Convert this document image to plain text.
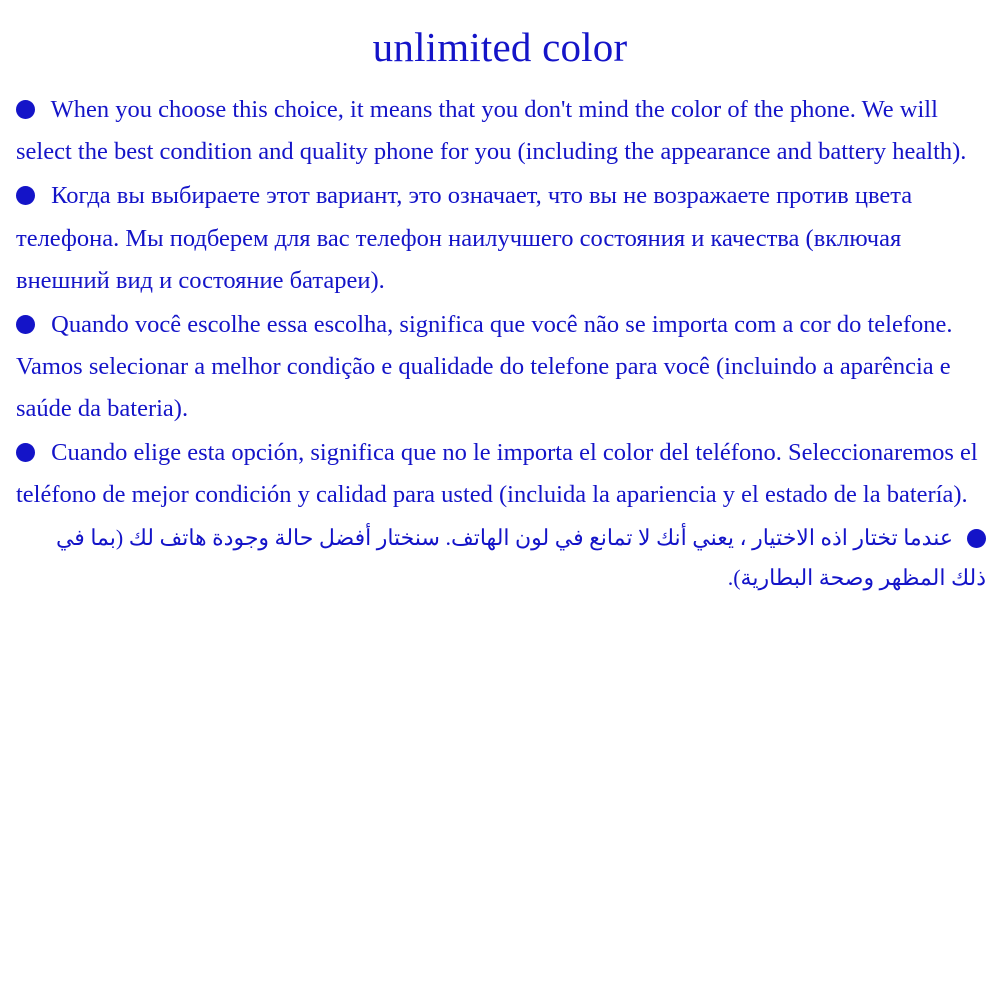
unlimited color

When you choose this choice, it means that you don't mind the color of the phone. We will select the best condition and quality phone for you (including the appearance and battery health).

Когда вы выбираете этот вариант, это означает, что вы не возражаете против цвета телефона. Мы подберем для вас телефон наилучшего состояния и качества (включая внешний вид и состояние батареи).

Quando você escolhe essa escolha, significa que você não se importa com a cor do telefone. Vamos selecionar a melhor condição e qualidade do telefone para você (incluindo a aparência e saúde da bateria).

Cuando elige esta opción, significa que no le importa el color del teléfono. Seleccionaremos el teléfono de mejor condición y calidad para usted (incluida la apariencia y el estado de la batería).

عندما تختار اذه الاختيار ، يعني أنك لا تمانع في لون الهاتف. سنختار أفضل حالة وجودة هاتف لك (بما في ذلك المظهر وصحة البطارية).
